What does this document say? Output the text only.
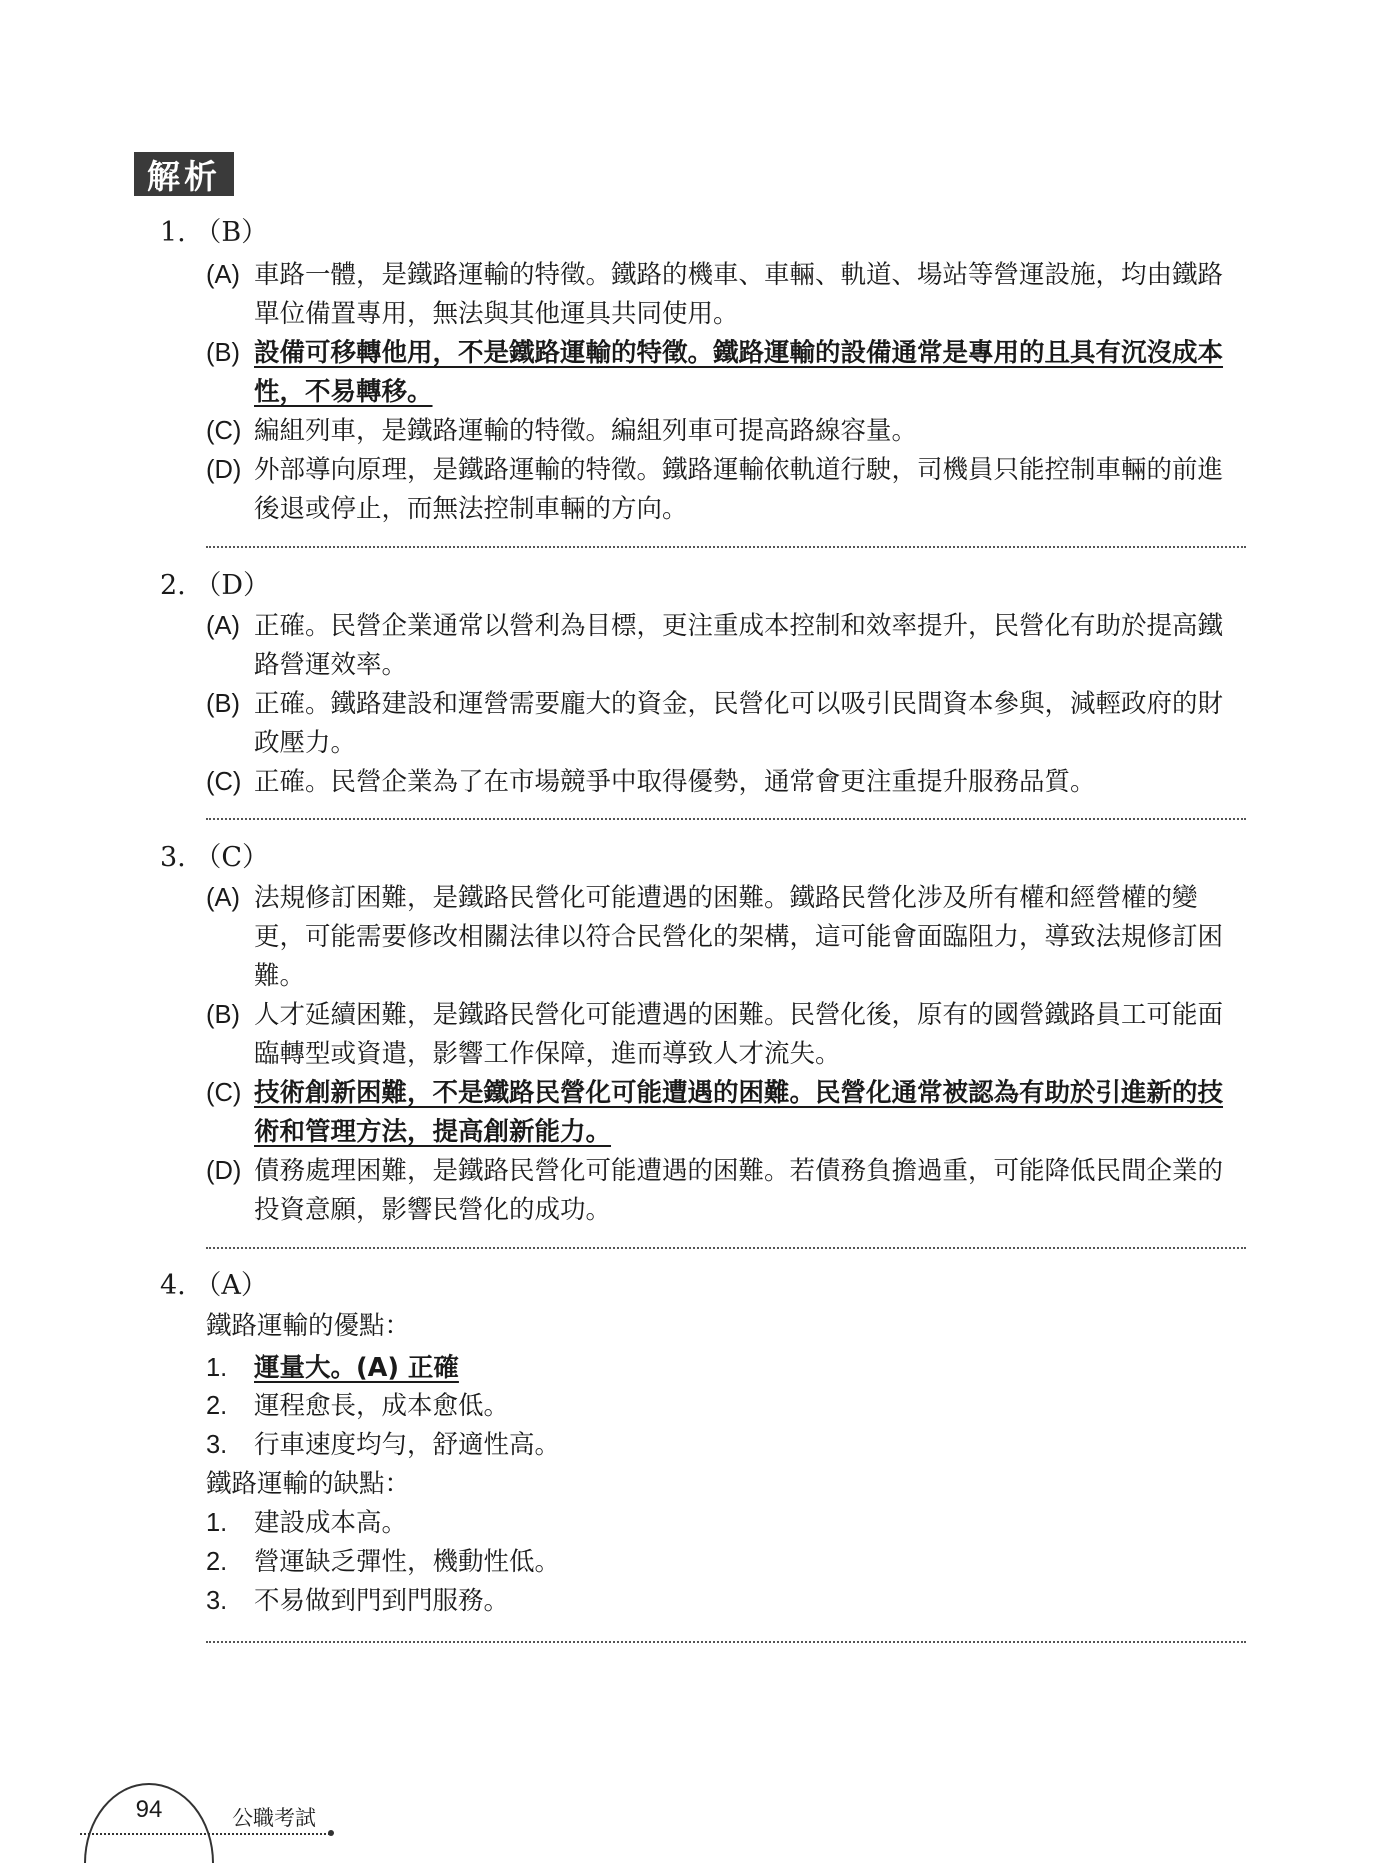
解析
1. （B）
(A) 車路一體，是鐵路運輸的特徵。鐵路的機車、車輛、軌道、場站等營運設施，均由鐵路單位備置專用，無法與其他運具共同使用。
(B) 設備可移轉他用，不是鐵路運輸的特徵。鐵路運輸的設備通常是專用的且具有沉沒成本性，不易轉移。
(C) 編組列車，是鐵路運輸的特徵。編組列車可提高路線容量。
(D) 外部導向原理，是鐵路運輸的特徵。鐵路運輸依軌道行駛，司機員只能控制車輛的前進後退或停止，而無法控制車輛的方向。
2. （D）
(A) 正確。民營企業通常以營利為目標，更注重成本控制和效率提升，民營化有助於提高鐵路營運效率。
(B) 正確。鐵路建設和運營需要龐大的資金，民營化可以吸引民間資本參與，減輕政府的財政壓力。
(C) 正確。民營企業為了在市場競爭中取得優勢，通常會更注重提升服務品質。
3. （C）
(A) 法規修訂困難，是鐵路民營化可能遭遇的困難。鐵路民營化涉及所有權和經營權的變更，可能需要修改相關法律以符合民營化的架構，這可能會面臨阻力，導致法規修訂困難。
(B) 人才延續困難，是鐵路民營化可能遭遇的困難。民營化後，原有的國營鐵路員工可能面臨轉型或資遣，影響工作保障，進而導致人才流失。
(C) 技術創新困難，不是鐵路民營化可能遭遇的困難。民營化通常被認為有助於引進新的技術和管理方法，提高創新能力。
(D) 債務處理困難，是鐵路民營化可能遭遇的困難。若債務負擔過重，可能降低民間企業的投資意願，影響民營化的成功。
4. （A）
鐵路運輸的優點：
1.	運量大。(A) 正確
2.	運程愈長，成本愈低。
3.	行車速度均勻，舒適性高。
鐵路運輸的缺點：
1.	建設成本高。
2.	營運缺乏彈性，機動性低。
3.	不易做到門到門服務。
94	公職考試
